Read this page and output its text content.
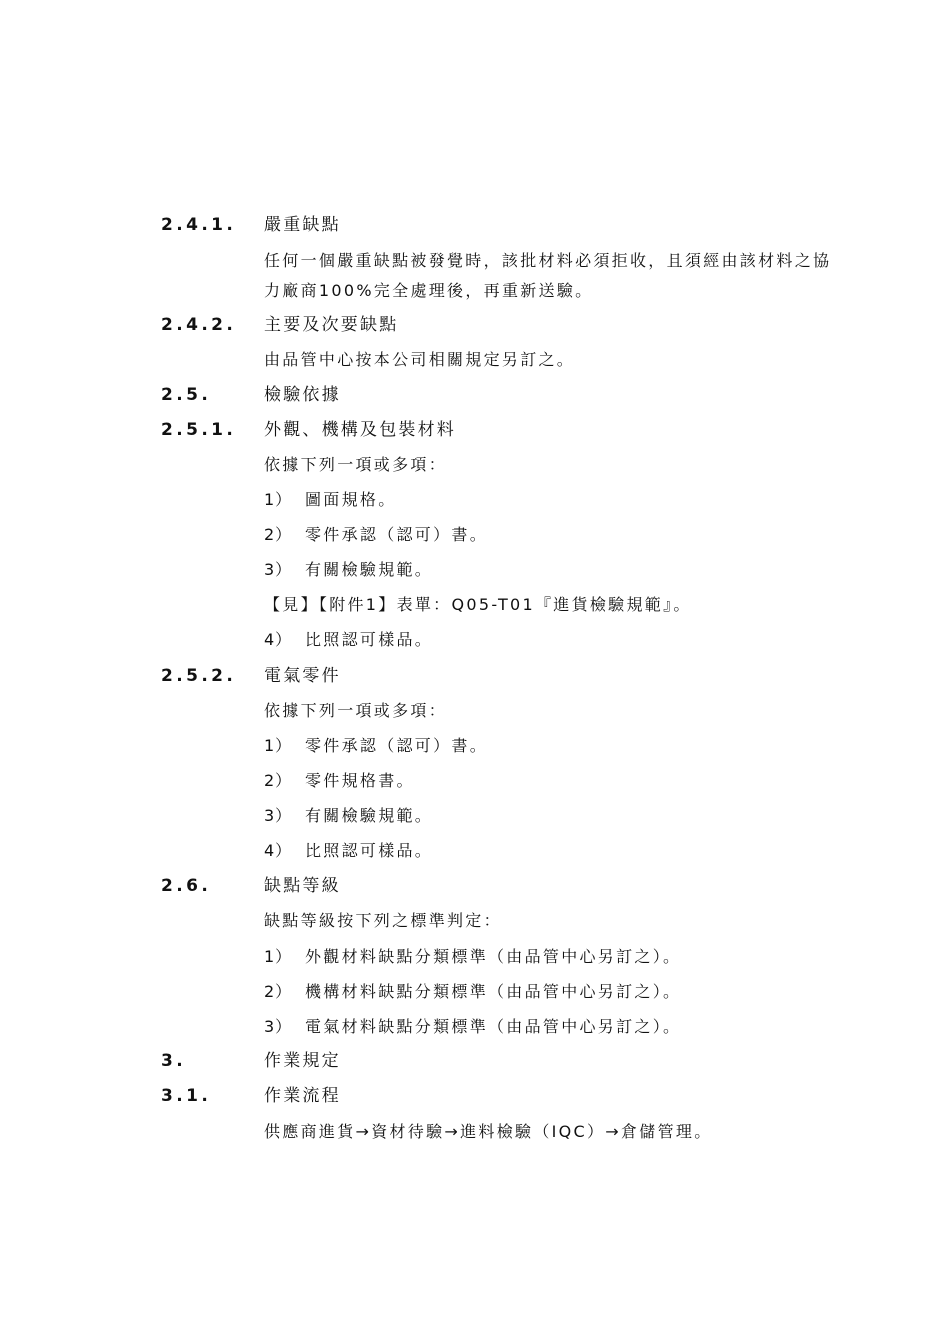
2.4.1. 嚴重缺點
任何一個嚴重缺點被發覺時，該批材料必須拒收，且須經由該材料之協
力廠商100%完全處理後，再重新送驗。
2.4.2. 主要及次要缺點
由品管中心按本公司相關規定另訂之。
2.5.	檢驗依據
2.5.1. 外觀、機構及包裝材料
依據下列一項或多項：
1） 圖面規格。
2） 零件承認（認可）書。
3） 有關檢驗規範。
【見】【附件1】表單：Q05-T01『進貨檢驗規範』。
4） 比照認可樣品。
2.5.2. 電氣零件
依據下列一項或多項：
1） 零件承認（認可）書。
2） 零件規格書。
3） 有關檢驗規範。
4） 比照認可樣品。
2.6.	缺點等級
缺點等級按下列之標準判定：
1） 外觀材料缺點分類標準（由品管中心另訂之）。
2） 機構材料缺點分類標準（由品管中心另訂之）。
3） 電氣材料缺點分類標準（由品管中心另訂之）。
3.	作業規定
3.1.	作業流程
供應商進貨→資材待驗→進料檢驗（IQC）→倉儲管理。
